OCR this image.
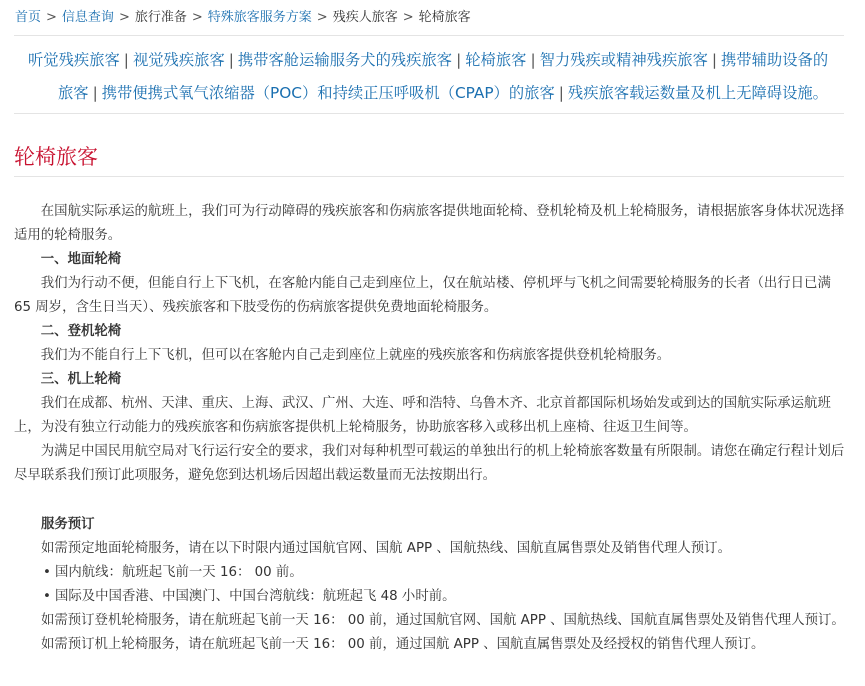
首页 > 信息查询 > 旅行准备 > 特殊旅客服务方案 > 残疾人旅客 > 轮椅旅客
听觉残疾旅客 | 视觉残疾旅客 | 携带客舱运输服务犬的残疾旅客 | 轮椅旅客 | 智力残疾或精神残疾旅客 | 携带辅助设备的
旅客 | 携带便携式氧气浓缩器（POC）和持续正压呼吸机（CPAP）的旅客 | 残疾旅客载运数量及机上无障碍设施。
轮椅旅客

在国航实际承运的航班上，我们可为行动障碍的残疾旅客和伤病旅客提供地面轮椅、登机轮椅及机上轮椅服务，请根据旅客身体状况选择适用的轮椅服务。

一、地面轮椅

我们为行动不便，但能自行上下飞机，在客舱内能自己走到座位上，仅在航站楼、停机坪与飞机之间需要轮椅服务的长者（出行日已满 65 周岁，含生日当天）、残疾旅客和下肢受伤的伤病旅客提供免费地面轮椅服务。

二、登机轮椅

我们为不能自行上下飞机，但可以在客舱内自己走到座位上就座的残疾旅客和伤病旅客提供登机轮椅服务。

三、机上轮椅

我们在成都、杭州、天津、重庆、上海、武汉、广州、大连、呼和浩特、乌鲁木齐、北京首都国际机场始发或到达的国航实际承运航班上，为没有独立行动能力的残疾旅客和伤病旅客提供机上轮椅服务，协助旅客移入或移出机上座椅、往返卫生间等。

为满足中国民用航空局对飞行运行安全的要求，我们对每种机型可载运的单独出行的机上轮椅旅客数量有所限制。请您在确定行程计划后尽早联系我们预订此项服务，避免您到达机场后因超出载运数量而无法按期出行。

服务预订

如需预定地面轮椅服务，请在以下时限内通过国航官网、国航 APP 、国航热线、国航直属售票处及销售代理人预订。

• 国内航线：航班起飞前一天 16： 00 前。

• 国际及中国香港、中国澳门、中国台湾航线：航班起飞 48 小时前。

如需预订登机轮椅服务，请在航班起飞前一天 16： 00 前，通过国航官网、国航 APP 、国航热线、国航直属售票处及销售代理人预订。

如需预订机上轮椅服务，请在航班起飞前一天 16： 00 前，通过国航 APP 、国航直属售票处及经授权的销售代理人预订。
